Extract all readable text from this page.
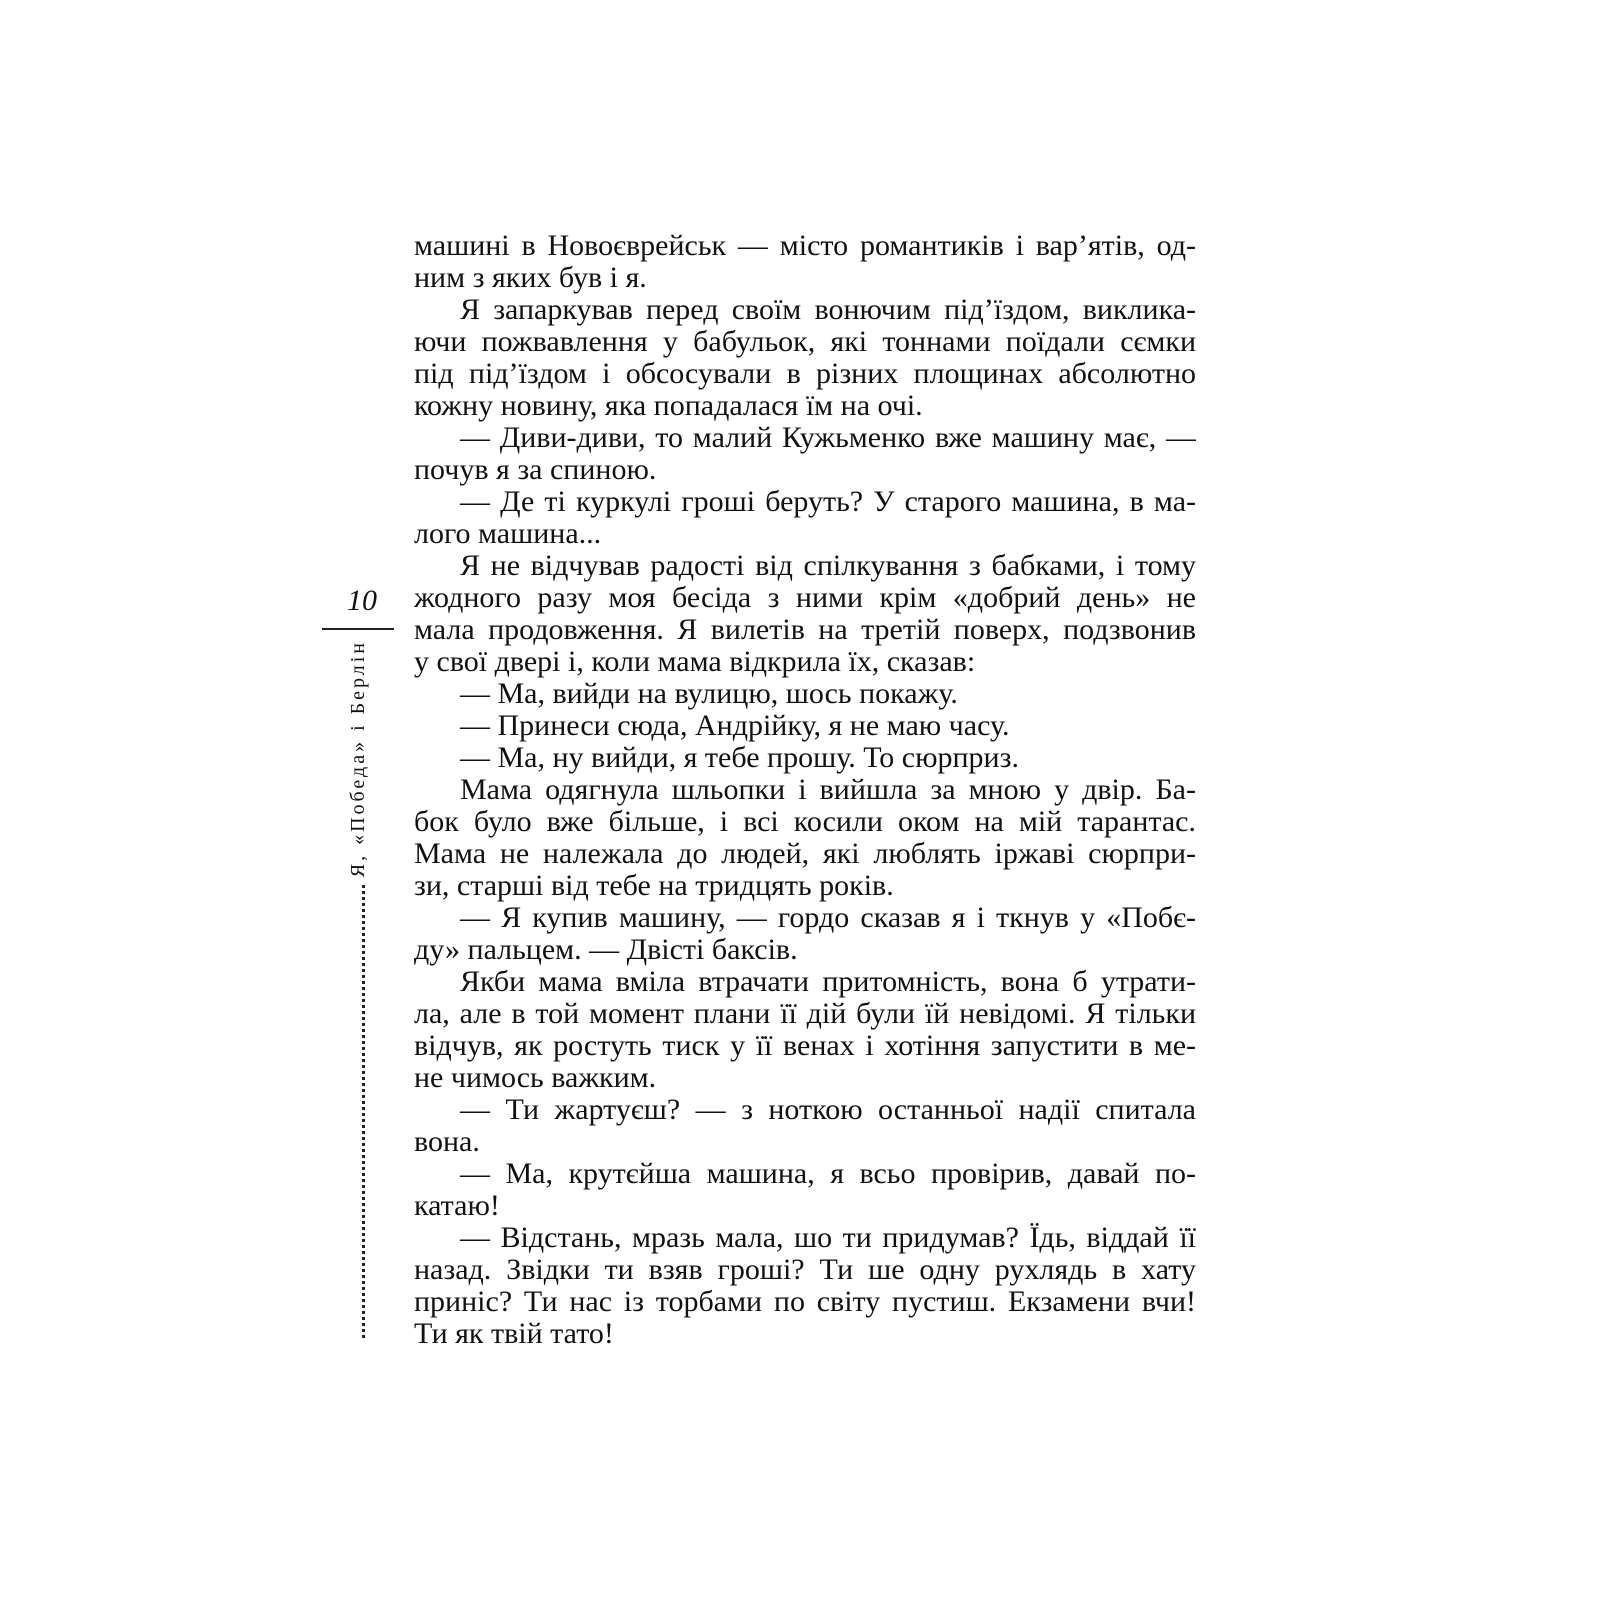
10
Я, «Победа» і Берлін
машині в Новоєврейськ — місто романтиків і вар’ятів, од-
ним з яких був і я.
Я запаркував перед своїм вонючим під’їздом, виклика-
ючи пожвавлення у бабульок, які тоннами поїдали сємки
під під’їздом і обсосували в різних площинах абсолютно
кожну новину, яка попадалася їм на очі.
— Диви-диви, то малий Кужьменко вже машину має, —
почув я за спиною.
— Де ті куркулі гроші беруть? У старого машина, в ма-
лого машина...
Я не відчував радості від спілкування з бабками, і тому
жодного разу моя бесіда з ними крім «добрий день» не
мала продовження. Я вилетів на третій поверх, подзвонив
у свої двері і, коли мама відкрила їх, сказав:
— Ма, вийди на вулицю, шось покажу.
— Принеси сюда, Андрійку, я не маю часу.
— Ма, ну вийди, я тебе прошу. То сюрприз.
Мама одягнула шльопки і вийшла за мною у двір. Ба-
бок було вже більше, і всі косили оком на мій тарантас.
Мама не належала до людей, які люблять іржаві сюрпри-
зи, старші від тебе на тридцять років.
— Я купив машину, — гордо сказав я і ткнув у «Побє-
ду» пальцем. — Двісті баксів.
Якби мама вміла втрачати притомність, вона б утрати-
ла, але в той момент плани її дій були їй невідомі. Я тільки
відчув, як ростуть тиск у її венах і хотіння запустити в ме-
не чимось важким.
— Ти жартуєш? — з ноткою останньої надії спитала
вона.
— Ма, крутєйша машина, я всьо провірив, давай по-
катаю!
— Відстань, мразь мала, шо ти придумав? Їдь, віддай її
назад. Звідки ти взяв гроші? Ти ше одну рухлядь в хату
приніс? Ти нас із торбами по світу пустиш. Екзамени вчи!
Ти як твій тато!
